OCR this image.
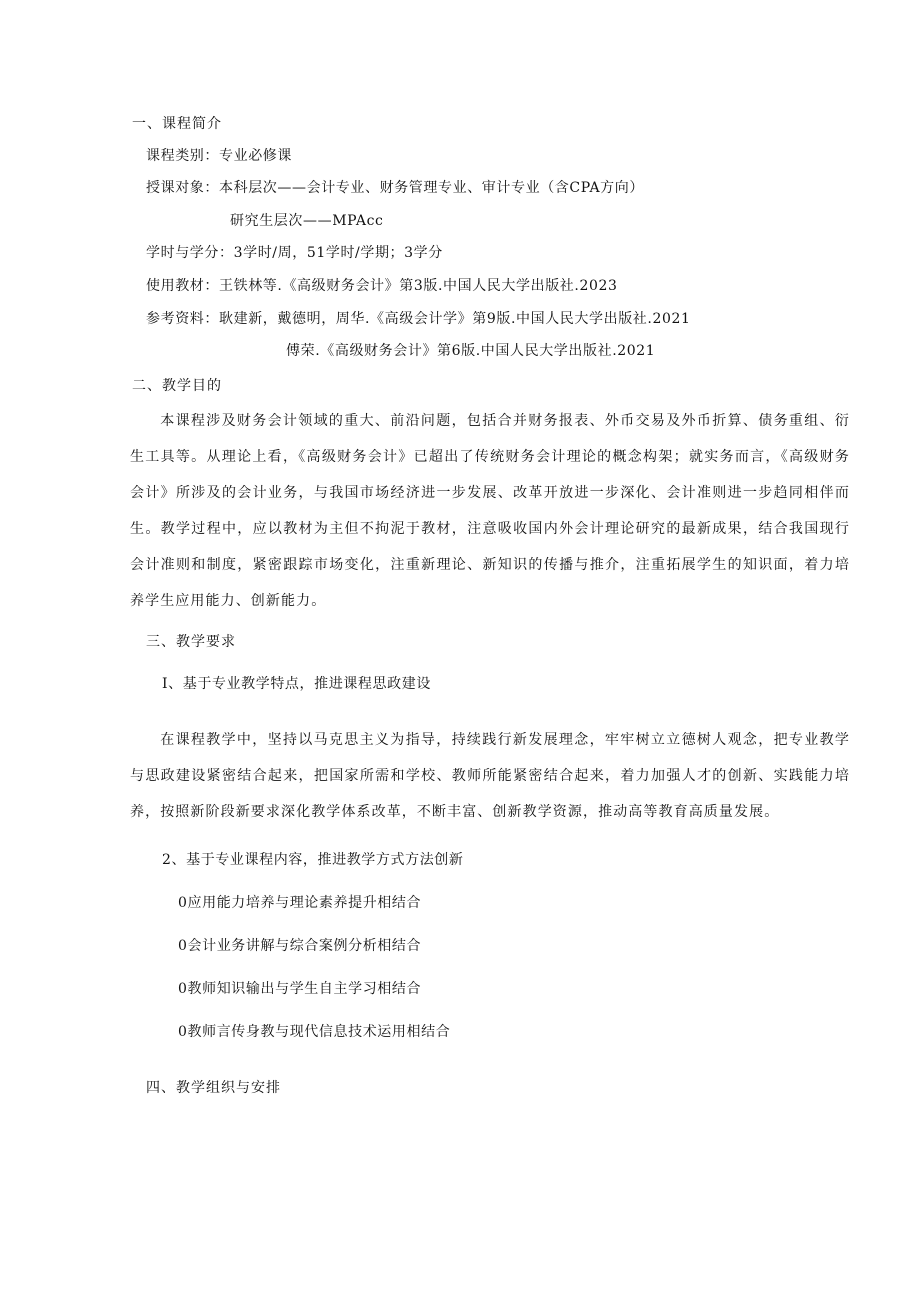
一、课程简介
课程类别：专业必修课
授课对象：本科层次——会计专业、财务管理专业、审计专业（含CPA方向）
研究生层次——MPAcc
学时与学分：3学时/周，51学时/学期；3学分
使用教材：王铁林等.《高级财务会计》第3版.中国人民大学出版社.2023
参考资料：耿建新，戴德明，周华.《高级会计学》第9版.中国人民大学出版社.2021
傅荣.《高级财务会计》第6版.中国人民大学出版社.2021
二、教学目的
本课程涉及财务会计领域的重大、前沿问题，包括合并财务报表、外币交易及外币折算、债务重组、衍生工具等。从理论上看，《高级财务会计》已超出了传统财务会计理论的概念构架；就实务而言，《高级财务会计》所涉及的会计业务，与我国市场经济进一步发展、改革开放进一步深化、会计准则进一步趋同相伴而生。教学过程中，应以教材为主但不拘泥于教材，注意吸收国内外会计理论研究的最新成果，结合我国现行会计准则和制度，紧密跟踪市场变化，注重新理论、新知识的传播与推介，注重拓展学生的知识面，着力培养学生应用能力、创新能力。
三、教学要求
I、基于专业教学特点，推进课程思政建设
在课程教学中，坚持以马克思主义为指导，持续践行新发展理念，牢牢树立立德树人观念，把专业教学与思政建设紧密结合起来，把国家所需和学校、教师所能紧密结合起来，着力加强人才的创新、实践能力培养，按照新阶段新要求深化教学体系改革，不断丰富、创新教学资源，推动高等教育高质量发展。
2、基于专业课程内容，推进教学方式方法创新
0应用能力培养与理论素养提升相结合
0会计业务讲解与综合案例分析相结合
0教师知识输出与学生自主学习相结合
0教师言传身教与现代信息技术运用相结合
四、教学组织与安排
